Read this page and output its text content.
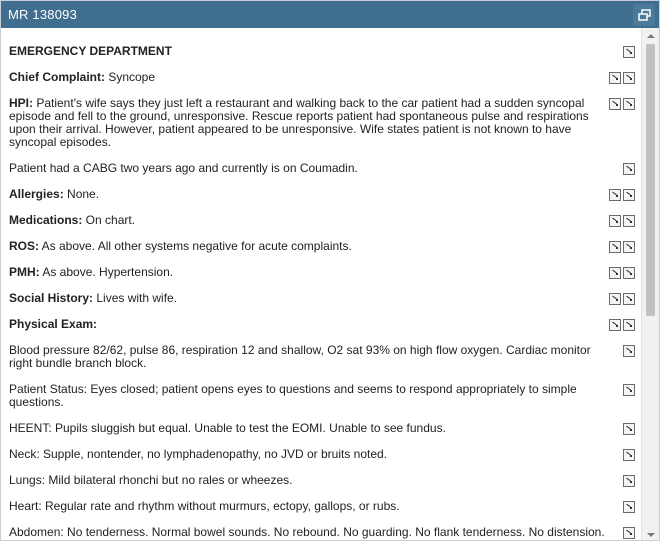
MR 138093
EMERGENCY DEPARTMENT
Chief Complaint: Syncope
HPI: Patient's wife says they just left a restaurant and walking back to the car patient had a sudden syncopal episode and fell to the ground, unresponsive. Rescue reports patient had spontaneous pulse and respirations upon their arrival. However, patient appeared to be unresponsive. Wife states patient is not known to have syncopal episodes.
Patient had a CABG two years ago and currently is on Coumadin.
Allergies: None.
Medications: On chart.
ROS: As above. All other systems negative for acute complaints.
PMH: As above. Hypertension.
Social History: Lives with wife.
Physical Exam:
Blood pressure 82/62, pulse 86, respiration 12 and shallow, O2 sat 93% on high flow oxygen. Cardiac monitor right bundle branch block.
Patient Status: Eyes closed; patient opens eyes to questions and seems to respond appropriately to simple questions.
HEENT: Pupils sluggish but equal. Unable to test the EOMI. Unable to see fundus.
Neck: Supple, nontender, no lymphadenopathy, no JVD or bruits noted.
Lungs: Mild bilateral rhonchi but no rales or wheezes.
Heart: Regular rate and rhythm without murmurs, ectopy, gallops, or rubs.
Abdomen: No tenderness. Normal bowel sounds. No rebound. No guarding. No flank tenderness. No distension.
